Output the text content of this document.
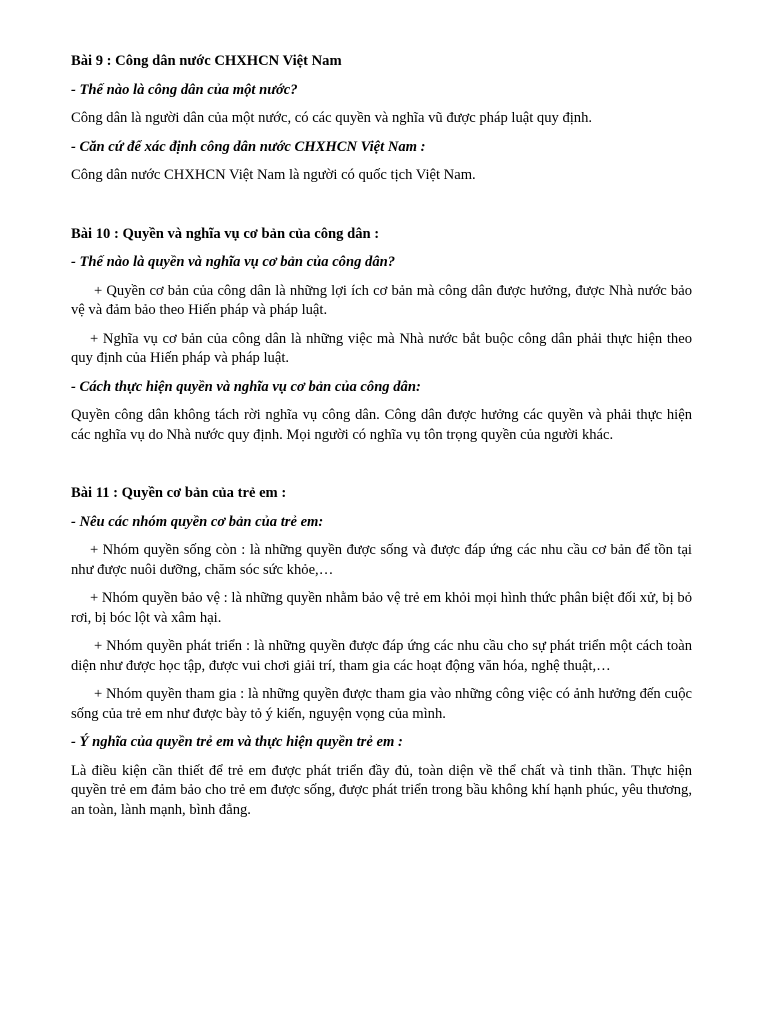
Bài 9 : Công dân nước CHXHCN Việt Nam

- Thế nào là công dân của một nước?

Công dân là người dân của một nước, có các quyền và nghĩa vũ được pháp luật quy định.

- Căn cứ để xác định công dân nước CHXHCN Việt Nam :

Công dân nước CHXHCN Việt Nam là người có quốc tịch Việt Nam.

Bài 10 : Quyền và nghĩa vụ cơ bản của công dân :

- Thế nào là quyền và nghĩa vụ cơ bản của công dân?

+ Quyền cơ bản của công dân là những lợi ích cơ bản mà công dân được hưởng, được Nhà nước bảo vệ và đảm bảo theo Hiến pháp và pháp luật.

+ Nghĩa vụ cơ bản của công dân là những việc mà Nhà nước bắt buộc công dân phải thực hiện theo quy định của Hiến pháp và pháp luật.

- Cách thực hiện quyền và nghĩa vụ cơ bản của công dân:

Quyền công dân không tách rời nghĩa vụ công dân. Công dân được hưởng các quyền và phải thực hiện các nghĩa vụ do Nhà nước quy định. Mọi người có nghĩa vụ tôn trọng quyền của người khác.

Bài 11 : Quyền cơ bản của trẻ em :

- Nêu các nhóm quyền cơ bản của trẻ em:

+ Nhóm quyền sống còn : là những quyền được sống và được đáp ứng các nhu cầu cơ bản để tồn tại như được nuôi dưỡng, chăm sóc sức khỏe,…

+ Nhóm quyền bảo vệ : là những quyền nhằm bảo vệ trẻ em khỏi mọi hình thức phân biệt đối xử, bị bỏ rơi, bị bóc lột và xâm hại.

+ Nhóm quyền phát triển : là những quyền được đáp ứng các nhu cầu cho sự phát triển một cách toàn diện như được học tập, được vui chơi giải trí, tham gia các hoạt động văn hóa, nghệ thuật,…

+ Nhóm quyền tham gia : là những quyền được tham gia vào những công việc có ảnh hưởng đến cuộc sống của trẻ em như được bày tỏ ý kiến, nguyện vọng của mình.

- Ý nghĩa của quyền trẻ em và thực hiện quyền trẻ em :

Là điều kiện cần thiết để trẻ em được phát triển đầy đủ, toàn diện về thể chất và tinh thần. Thực hiện quyền trẻ em đảm bảo cho trẻ em được sống, được phát triển trong bầu không khí hạnh phúc, yêu thương, an toàn, lành mạnh, bình đẳng.
